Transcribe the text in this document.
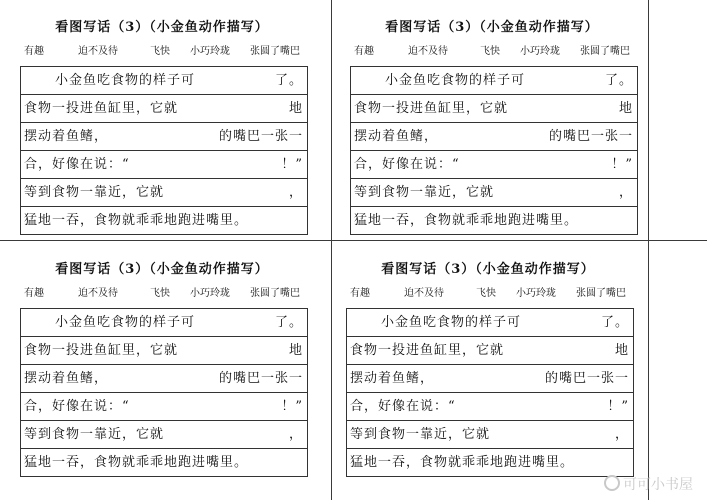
看图写话（3）（小金鱼动作描写）
有趣	迫不及待	飞快 小巧玲珑 张圆了嘴巴
小金鱼吃食物的样子可	了。
食物一投进鱼缸里，它就	地
摆动着鱼鳍，	的嘴巴一张一
合，好像在说：“	！”
等到食物一靠近，它就	，
猛地一吞，食物就乖乖地跑进嘴里。
看图写话（3）（小金鱼动作描写）
有趣	迫不及待	飞快 小巧玲珑 张圆了嘴巴
小金鱼吃食物的样子可	了。
食物一投进鱼缸里，它就	地
摆动着鱼鳍，	的嘴巴一张一
合，好像在说：“	！”
等到食物一靠近，它就	，
猛地一吞，食物就乖乖地跑进嘴里。
看图写话（3）（小金鱼动作描写）
有趣	迫不及待	飞快 小巧玲珑 张圆了嘴巴
小金鱼吃食物的样子可	了。
食物一投进鱼缸里，它就	地
摆动着鱼鳍，	的嘴巴一张一
合，好像在说：“	！”
等到食物一靠近，它就	，
猛地一吞，食物就乖乖地跑进嘴里。
看图写话（3）（小金鱼动作描写）
有趣	迫不及待	飞快 小巧玲珑 张圆了嘴巴
小金鱼吃食物的样子可	了。
食物一投进鱼缸里，它就	地
摆动着鱼鳍，	的嘴巴一张一
合，好像在说：“	！”
等到食物一靠近，它就	，
猛地一吞，食物就乖乖地跑进嘴里。
可可小书屋
